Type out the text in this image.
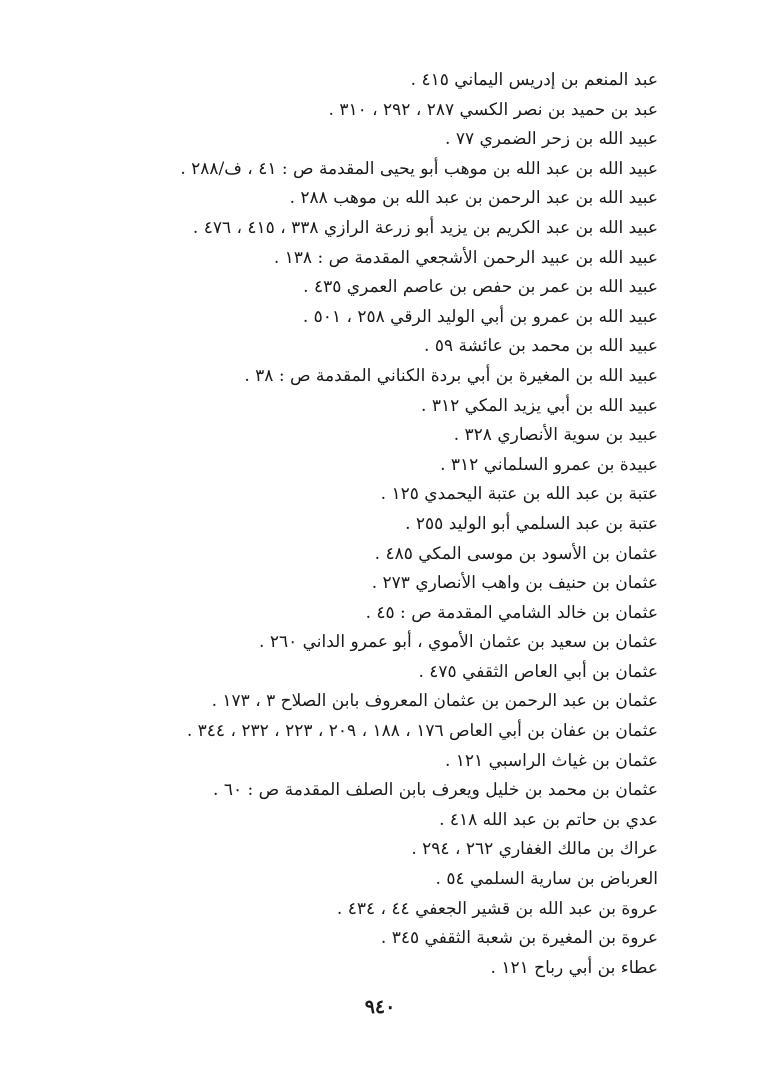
عبد المنعم بن إدريس اليماني ٤١٥ .
عبد بن حميد بن نصر الكسي ٢٨٧ ، ٢٩٢ ، ٣١٠ .
عبيد الله بن زحر الضمري ٧٧ .
عبيد الله بن عبد الله بن موهب أبو يحيى المقدمة ص : ٤١ ، ف/٢٨٨ .
عبيد الله بن عبد الرحمن بن عبد الله بن موهب ٢٨٨ .
عبيد الله بن عبد الكريم بن يزيد أبو زرعة الرازي ٣٣٨ ، ٤١٥ ، ٤٧٦ .
عبيد الله بن عبيد الرحمن الأشجعي المقدمة ص : ١٣٨ .
عبيد الله بن عمر بن حفص بن عاصم العمري ٤٣٥ .
عبيد الله بن عمرو بن أبي الوليد الرقي ٢٥٨ ، ٥٠١ .
عبيد الله بن محمد بن عائشة ٥٩ .
عبيد الله بن المغيرة بن أبي بردة الكناني المقدمة ص : ٣٨ .
عبيد الله بن أبي يزيد المكي ٣١٢ .
عبيد بن سوية الأنصاري ٣٢٨ .
عبيدة بن عمرو السلماني ٣١٢ .
عتبة بن عبد الله بن عتبة اليحمدي ١٢٥ .
عتبة بن عبد السلمي أبو الوليد ٢٥٥ .
عثمان بن الأسود بن موسى المكي ٤٨٥ .
عثمان بن حنيف بن واهب الأنصاري ٢٧٣ .
عثمان بن خالد الشامي المقدمة ص : ٤٥ .
عثمان بن سعيد بن عثمان الأموي ، أبو عمرو الداني ٢٦٠ .
عثمان بن أبي العاص الثقفي ٤٧٥ .
عثمان بن عبد الرحمن بن عثمان المعروف بابن الصلاح ٣ ، ١٧٣ .
عثمان بن عفان بن أبي العاص ١٧٦ ، ١٨٨ ، ٢٠٩ ، ٢٢٣ ، ٢٣٢ ، ٣٤٤ .
عثمان بن غياث الراسبي ١٢١ .
عثمان بن محمد بن خليل ويعرف بابن الصلف المقدمة ص : ٦٠ .
عدي بن حاتم بن عبد الله ٤١٨ .
عراك بن مالك الغفاري ٢٦٢ ، ٢٩٤ .
العرباض بن سارية السلمي ٥٤ .
عروة بن عبد الله بن قشير الجعفي ٤٤ ، ٤٣٤ .
عروة بن المغيرة بن شعبة الثقفي ٣٤٥ .
عطاء بن أبي رباح ١٢١ .
٩٤٠
